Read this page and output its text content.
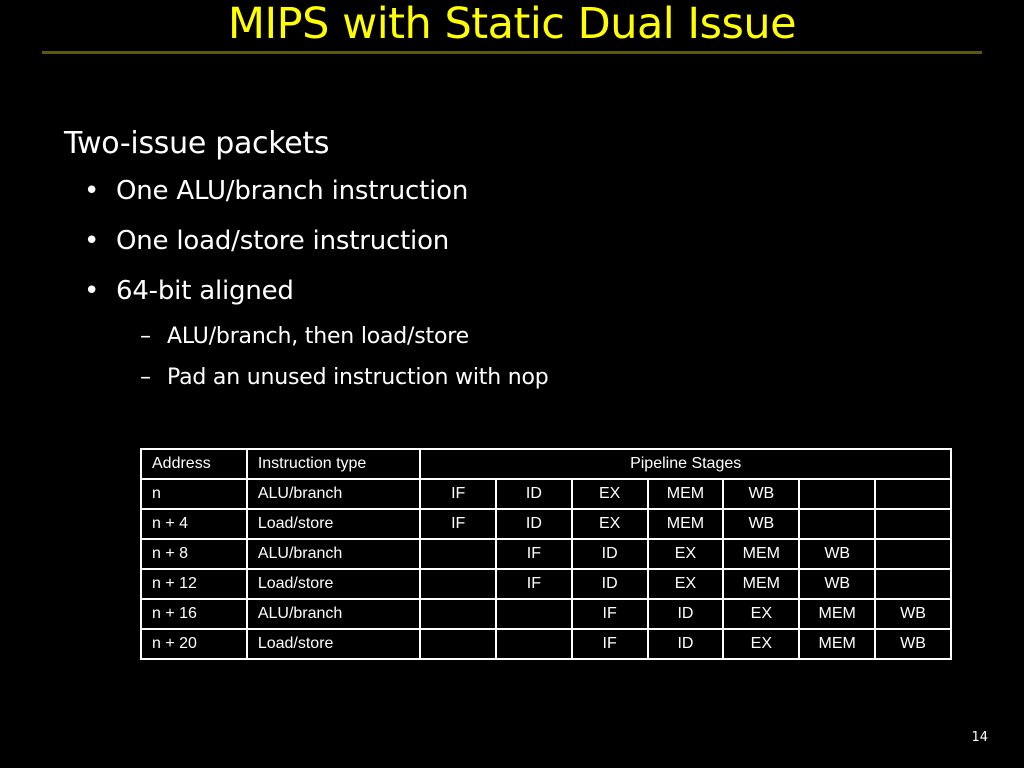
MIPS with Static Dual Issue
Two-issue packets
• One ALU/branch instruction
• One load/store instruction
• 64-bit aligned
– ALU/branch, then load/store
– Pad an unused instruction with nop
Address	Instruction type	Pipeline Stages						
n	ALU/branch	IF	ID	EX	MEM	WB		
n + 4	Load/store	IF	ID	EX	MEM	WB		
n + 8	ALU/branch		IF	ID	EX	MEM	WB	
n + 12	Load/store		IF	ID	EX	MEM	WB	
n + 16	ALU/branch			IF	ID	EX	MEM	WB
n + 20	Load/store			IF	ID	EX	MEM	WB
14
